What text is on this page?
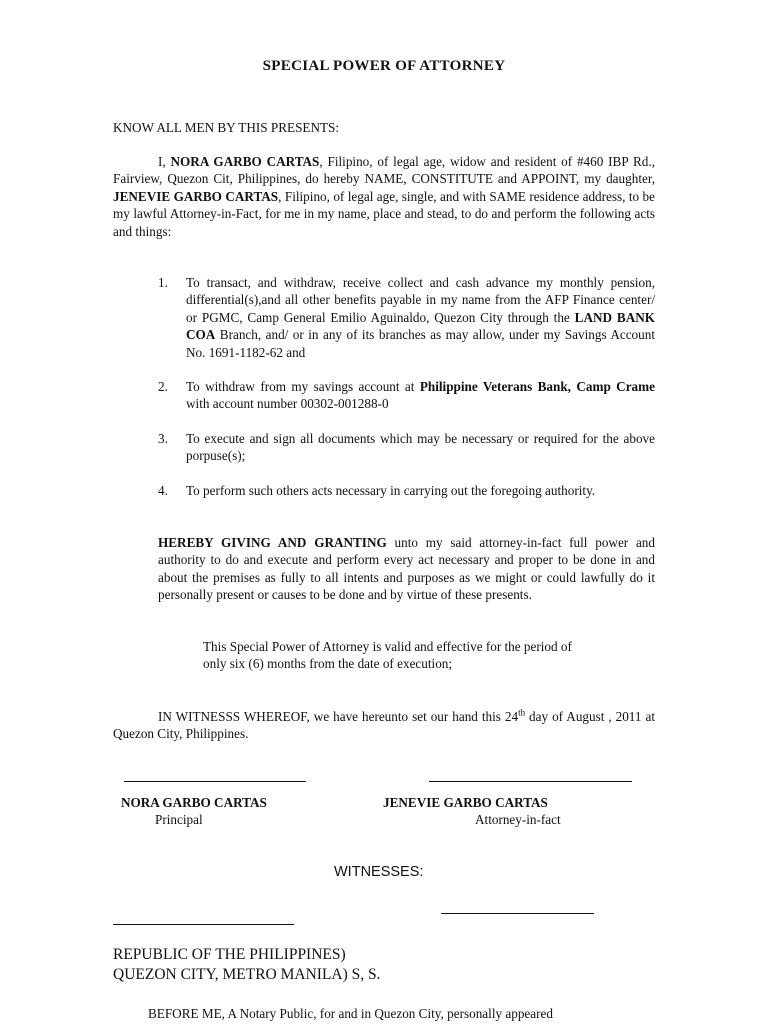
SPECIAL POWER OF ATTORNEY
KNOW ALL MEN BY THIS PRESENTS:
I, NORA GARBO CARTAS, Filipino, of legal age, widow and resident of #460 IBP Rd., Fairview, Quezon Cit, Philippines, do hereby NAME, CONSTITUTE and APPOINT, my daughter, JENEVIE GARBO CARTAS, Filipino, of legal age, single, and with SAME residence address, to be my lawful Attorney-in-Fact, for me in my name, place and stead, to do and perform the following acts and things:
1.	To transact, and withdraw, receive collect and cash advance my monthly pension, differential(s),and all other benefits payable in my name from the AFP Finance center/ or PGMC, Camp General Emilio Aguinaldo, Quezon City through the LAND BANK COA Branch, and/ or in any of its branches as may allow, under my Savings Account No. 1691-1182-62 and
2.	To withdraw from my savings account at Philippine Veterans Bank, Camp Crame with account number 00302-001288-0
3.	To execute and sign all documents which may be necessary or required for the above porpuse(s);
4.	To perform such others acts necessary in carrying out the foregoing authority.
HEREBY GIVING AND GRANTING unto my said attorney-in-fact full power and authority to do and execute and perform every act necessary and proper to be done in and about the premises as fully to all intents and purposes as we might or could lawfully do it personally present or causes to be done and by virtue of these presents.
This Special Power of Attorney is valid and effective for the period of only six (6) months from the date of execution;
IN WITNESSS WHEREOF, we have hereunto set our hand this 24th day of August , 2011 at Quezon City, Philippines.
NORA GARBO CARTAS
Principal
JENEVIE GARBO CARTAS
Attorney-in-fact
WITNESSES:
REPUBLIC OF THE PHILIPPINES)
QUEZON CITY, METRO MANILA) S, S.
BEFORE ME, A Notary Public, for and in Quezon City, personally appeared
